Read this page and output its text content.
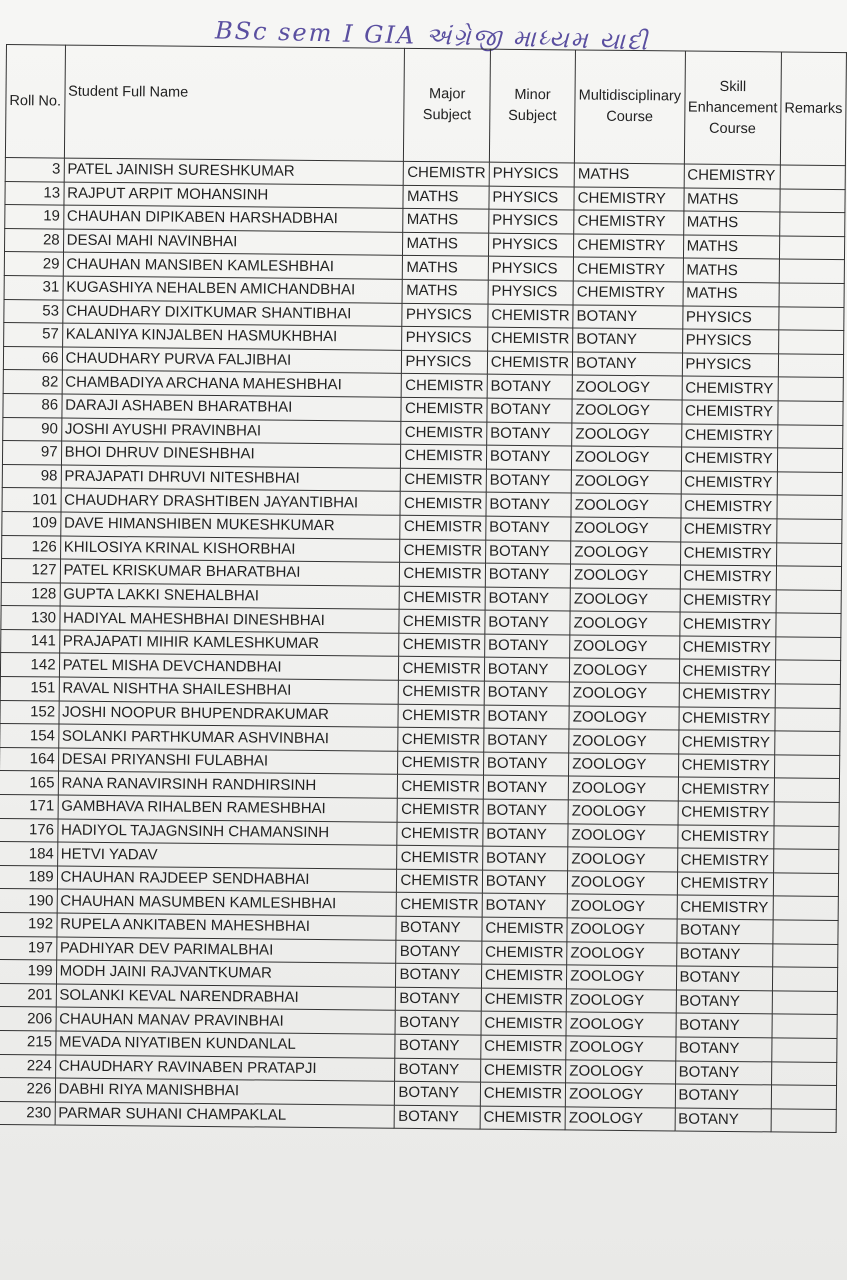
BSc sem I GIA અંગ્રેજી માધ્યમ યાદી
Roll No.	Student Full Name	Major Subject	Minor Subject	Multidisciplinary Course	Skill Enhancement Course	Remarks
3	PATEL JAINISH SURESHKUMAR	CHEMISTR	PHYSICS	MATHS	CHEMISTRY	
13	RAJPUT ARPIT MOHANSINH	MATHS	PHYSICS	CHEMISTRY	MATHS	
19	CHAUHAN DIPIKABEN HARSHADBHAI	MATHS	PHYSICS	CHEMISTRY	MATHS	
28	DESAI MAHI NAVINBHAI	MATHS	PHYSICS	CHEMISTRY	MATHS	
29	CHAUHAN MANSIBEN KAMLESHBHAI	MATHS	PHYSICS	CHEMISTRY	MATHS	
31	KUGASHIYA NEHALBEN AMICHANDBHAI	MATHS	PHYSICS	CHEMISTRY	MATHS	
53	CHAUDHARY DIXITKUMAR SHANTIBHAI	PHYSICS	CHEMISTR	BOTANY	PHYSICS	
57	KALANIYA KINJALBEN HASMUKHBHAI	PHYSICS	CHEMISTR	BOTANY	PHYSICS	
66	CHAUDHARY PURVA FALJIBHAI	PHYSICS	CHEMISTR	BOTANY	PHYSICS	
82	CHAMBADIYA ARCHANA MAHESHBHAI	CHEMISTR	BOTANY	ZOOLOGY	CHEMISTRY	
86	DARAJI ASHABEN BHARATBHAI	CHEMISTR	BOTANY	ZOOLOGY	CHEMISTRY	
90	JOSHI AYUSHI PRAVINBHAI	CHEMISTR	BOTANY	ZOOLOGY	CHEMISTRY	
97	BHOI DHRUV DINESHBHAI	CHEMISTR	BOTANY	ZOOLOGY	CHEMISTRY	
98	PRAJAPATI DHRUVI NITESHBHAI	CHEMISTR	BOTANY	ZOOLOGY	CHEMISTRY	
101	CHAUDHARY DRASHTIBEN JAYANTIBHAI	CHEMISTR	BOTANY	ZOOLOGY	CHEMISTRY	
109	DAVE HIMANSHIBEN MUKESHKUMAR	CHEMISTR	BOTANY	ZOOLOGY	CHEMISTRY	
126	KHILOSIYA KRINAL KISHORBHAI	CHEMISTR	BOTANY	ZOOLOGY	CHEMISTRY	
127	PATEL KRISKUMAR BHARATBHAI	CHEMISTR	BOTANY	ZOOLOGY	CHEMISTRY	
128	GUPTA LAKKI SNEHALBHAI	CHEMISTR	BOTANY	ZOOLOGY	CHEMISTRY	
130	HADIYAL MAHESHBHAI DINESHBHAI	CHEMISTR	BOTANY	ZOOLOGY	CHEMISTRY	
141	PRAJAPATI MIHIR KAMLESHKUMAR	CHEMISTR	BOTANY	ZOOLOGY	CHEMISTRY	
142	PATEL MISHA DEVCHANDBHAI	CHEMISTR	BOTANY	ZOOLOGY	CHEMISTRY	
151	RAVAL NISHTHA SHAILESHBHAI	CHEMISTR	BOTANY	ZOOLOGY	CHEMISTRY	
152	JOSHI NOOPUR BHUPENDRAKUMAR	CHEMISTR	BOTANY	ZOOLOGY	CHEMISTRY	
154	SOLANKI PARTHKUMAR ASHVINBHAI	CHEMISTR	BOTANY	ZOOLOGY	CHEMISTRY	
164	DESAI PRIYANSHI FULABHAI	CHEMISTR	BOTANY	ZOOLOGY	CHEMISTRY	
165	RANA RANAVIRSINH RANDHIRSINH	CHEMISTR	BOTANY	ZOOLOGY	CHEMISTRY	
171	GAMBHAVA RIHALBEN RAMESHBHAI	CHEMISTR	BOTANY	ZOOLOGY	CHEMISTRY	
176	HADIYOL TAJAGNSINH CHAMANSINH	CHEMISTR	BOTANY	ZOOLOGY	CHEMISTRY	
184	HETVI YADAV	CHEMISTR	BOTANY	ZOOLOGY	CHEMISTRY	
189	CHAUHAN RAJDEEP SENDHABHAI	CHEMISTR	BOTANY	ZOOLOGY	CHEMISTRY	
190	CHAUHAN MASUMBEN KAMLESHBHAI	CHEMISTR	BOTANY	ZOOLOGY	CHEMISTRY	
192	RUPELA ANKITABEN MAHESHBHAI	BOTANY	CHEMISTR	ZOOLOGY	BOTANY	
197	PADHIYAR DEV PARIMALBHAI	BOTANY	CHEMISTR	ZOOLOGY	BOTANY	
199	MODH JAINI RAJVANTKUMAR	BOTANY	CHEMISTR	ZOOLOGY	BOTANY	
201	SOLANKI KEVAL NARENDRABHAI	BOTANY	CHEMISTR	ZOOLOGY	BOTANY	
206	CHAUHAN MANAV PRAVINBHAI	BOTANY	CHEMISTR	ZOOLOGY	BOTANY	
215	MEVADA NIYATIBEN KUNDANLAL	BOTANY	CHEMISTR	ZOOLOGY	BOTANY	
224	CHAUDHARY RAVINABEN PRATAPJI	BOTANY	CHEMISTR	ZOOLOGY	BOTANY	
226	DABHI RIYA MANISHBHAI	BOTANY	CHEMISTR	ZOOLOGY	BOTANY	
230	PARMAR SUHANI CHAMPAKLAL	BOTANY	CHEMISTR	ZOOLOGY	BOTANY	
